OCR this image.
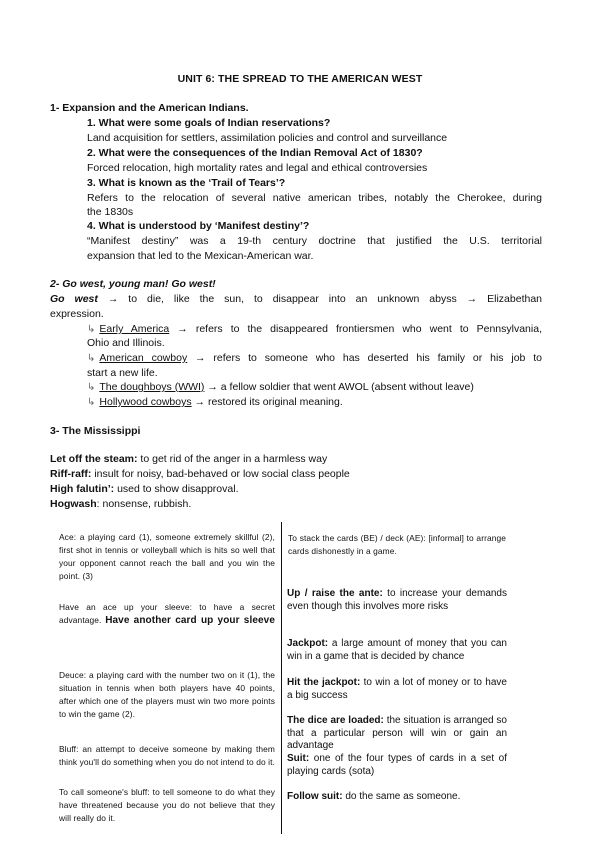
UNIT 6: THE SPREAD TO THE AMERICAN WEST
1- Expansion and the American Indians.
1. What were some goals of Indian reservations?
Land acquisition for settlers, assimilation policies and control and surveillance
2. What were the consequences of the Indian Removal Act of 1830?
Forced relocation, high mortality rates and legal and ethical controversies
3. What is known as the ‘Trail of Tears’?
Refers to the relocation of several native american tribes, notably the Cherokee, during
the 1830s
4. What is understood by ‘Manifest destiny’?
“Manifest destiny” was a 19-th century doctrine that justified the U.S. territorial
expansion that led to the Mexican-American war.
2- Go west, young man! Go west!
Go west → to die, like the sun, to disappear into an unknown abyss → Elizabethan
expression.
↳ Early America → refers to the disappeared frontiersmen who went to Pennsylvania,
Ohio and Illinois.
↳ American cowboy → refers to someone who has deserted his family or his job to
start a new life.
↳ The doughboys (WWI) → a fellow soldier that went AWOL (absent without leave)
↳ Hollywood cowboys → restored its original meaning.
3- The Mississippi
Let off the steam: to get rid of the anger in a harmless way
Riff-raff: insult for noisy, bad-behaved or low social class people
High falutin’: used to show disapproval.
Hogwash: nonsense, rubbish.
Ace: a playing card (1), someone extremely skillful (2), first shot in tennis or volleyball which is hits so well that your opponent cannot reach the ball and you win the point. (3)
Have an ace up your sleeve: to have a secret advantage. Have another card up your sleeve
Deuce: a playing card with the number two on it (1), the situation in tennis when both players have 40 points, after which one of the players must win two more points to win the game (2).
Bluff: an attempt to deceive someone by making them think you'll do something when you do not intend to do it.
To call someone's bluff: to tell someone to do what they have threatened because you do not believe that they will really do it.
To stack the cards (BE) / deck (AE): [informal] to arrange cards dishonestly in a game.
Up / raise the ante: to increase your demands even though this involves more risks
Jackpot: a large amount of money that you can win in a game that is decided by chance
Hit the jackpot: to win a lot of money or to have a big success
The dice are loaded: the situation is arranged so that a particular person will win or gain an advantage
Suit: one of the four types of cards in a set of playing cards (sota)
Follow suit: do the same as someone.
